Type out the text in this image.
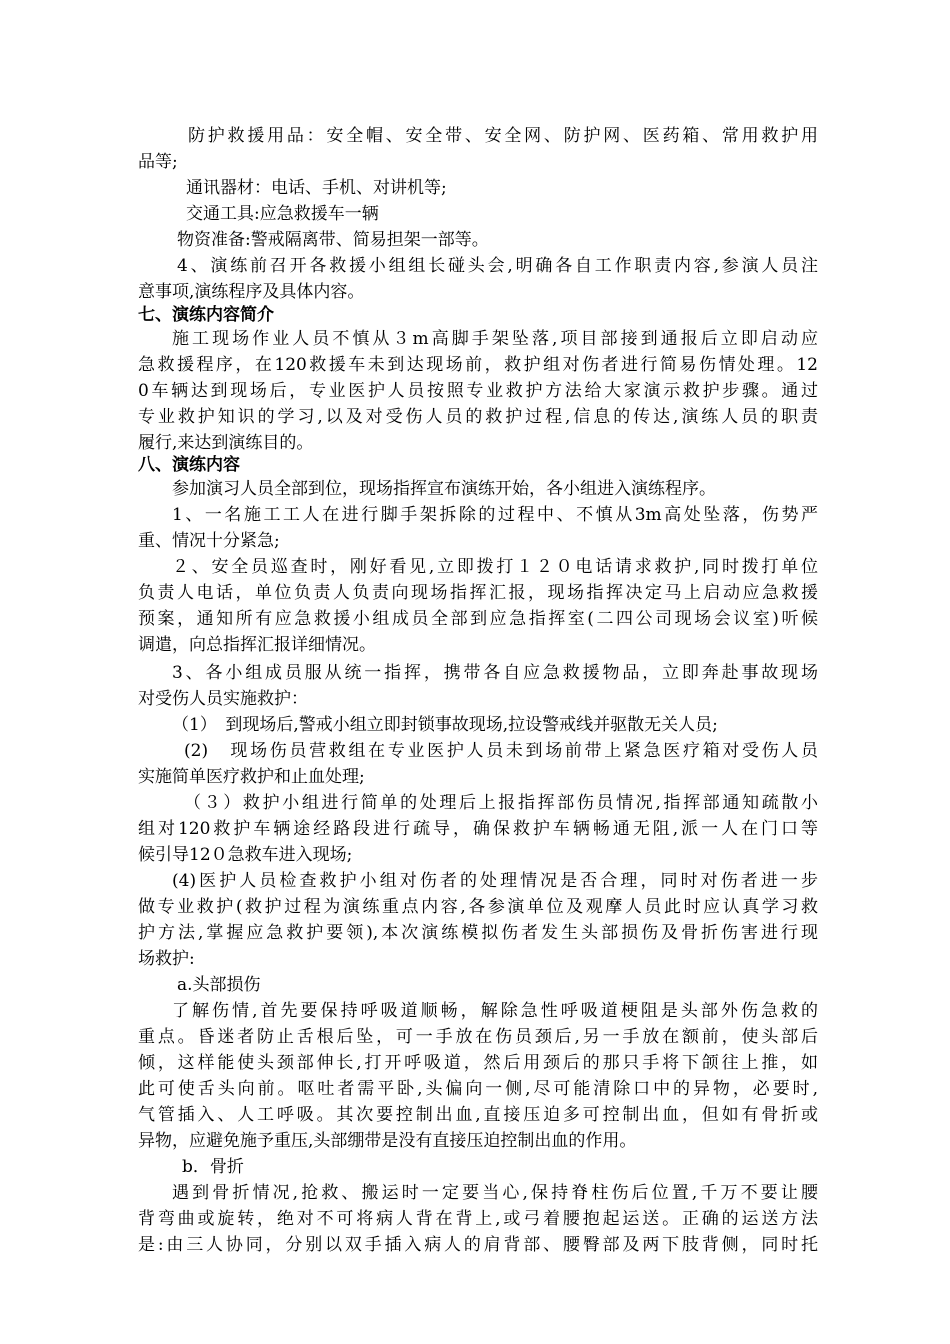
防护救援用品：安全帽、安全带、安全网、防护网、医药箱、常用救护用
品等;
通讯器材：电话、手机、对讲机等;
交通工具:应急救援车一辆
物资准备:警戒隔离带、简易担架一部等。
4、演练前召开各救援小组组长碰头会,明确各自工作职责内容,参演人员注
意事项,演练程序及具体内容。
七、演练内容简介
施工现场作业人员不慎从３m高脚手架坠落,项目部接到通报后立即启动应
急救援程序，在120救援车未到达现场前，救护组对伤者进行简易伤情处理。12
0车辆达到现场后，专业医护人员按照专业救护方法给大家演示救护步骤。通过
专业救护知识的学习,以及对受伤人员的救护过程,信息的传达,演练人员的职责
履行,来达到演练目的。
八、演练内容
参加演习人员全部到位，现场指挥宣布演练开始，各小组进入演练程序。
1、一名施工工人在进行脚手架拆除的过程中、不慎从3m高处坠落，伤势严
重、情况十分紧急;
２、安全员巡查时，刚好看见,立即拨打１２０电话请求救护,同时拨打单位
负责人电话，单位负责人负责向现场指挥汇报，现场指挥决定马上启动应急救援
预案，通知所有应急救援小组成员全部到应急指挥室(二四公司现场会议室)听候
调遣，向总指挥汇报详细情况。
3、各小组成员服从统一指挥，携带各自应急救援物品，立即奔赴事故现场
对受伤人员实施救护：
（1）　到现场后,警戒小组立即封锁事故现场,拉设警戒线并驱散无关人员;
(2)　现场伤员营救组在专业医护人员未到场前带上紧急医疗箱对受伤人员
实施简单医疗救护和止血处理;
（３）救护小组进行简单的处理后上报指挥部伤员情况,指挥部通知疏散小
组对120救护车辆途经路段进行疏导，确保救护车辆畅通无阻,派一人在门口等
候引导12０急救车进入现场;
(4)医护人员检查救护小组对伤者的处理情况是否合理，同时对伤者进一步
做专业救护(救护过程为演练重点内容,各参演单位及观摩人员此时应认真学习救
护方法,掌握应急救护要领),本次演练模拟伤者发生头部损伤及骨折伤害进行现
场救护:
a.头部损伤
了解伤情,首先要保持呼吸道顺畅，解除急性呼吸道梗阻是头部外伤急救的
重点。昏迷者防止舌根后坠，可一手放在伤员颈后,另一手放在额前，使头部后
倾，这样能使头颈部伸长,打开呼吸道，然后用颈后的那只手将下颌往上推，如
此可使舌头向前。呕吐者需平卧,头偏向一侧,尽可能清除口中的异物，必要时,
气管插入、人工呼吸。其次要控制出血,直接压迫多可控制出血，但如有骨折或
异物，应避免施予重压,头部绷带是没有直接压迫控制出血的作用。
b．骨折
遇到骨折情况,抢救、搬运时一定要当心,保持脊柱伤后位置,千万不要让腰
背弯曲或旋转，绝对不可将病人背在背上,或弓着腰抱起运送。正确的运送方法
是:由三人协同，分别以双手插入病人的肩背部、腰臀部及两下肢背侧，同时托
